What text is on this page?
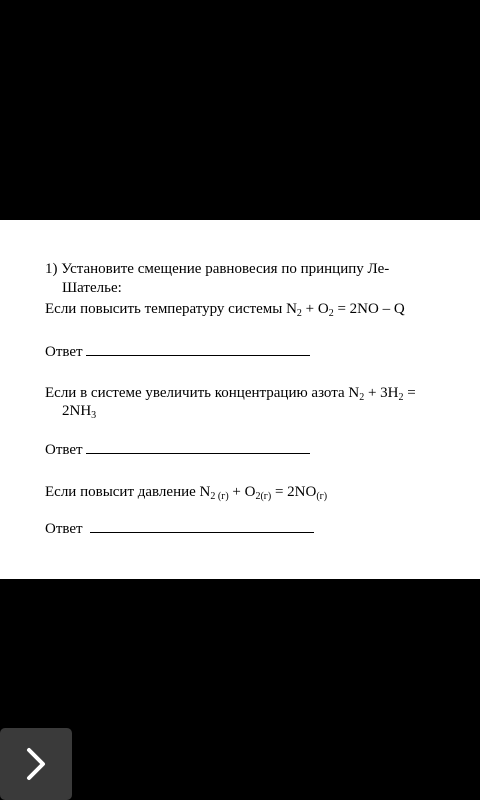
1) Установите смещение равновесия по принципу Ле-
Шателье:
Если повысить температуру системы $N_2 + O_2 = 2NO - Q$
Ответ
Если в системе увеличить концентрацию азота $N_2 + 3H_2$ =
$2NH_3$
Ответ
Если повысит давление $N_{2 (г)} + O_{2(г)} = 2NO_{(г)}$
Ответ
